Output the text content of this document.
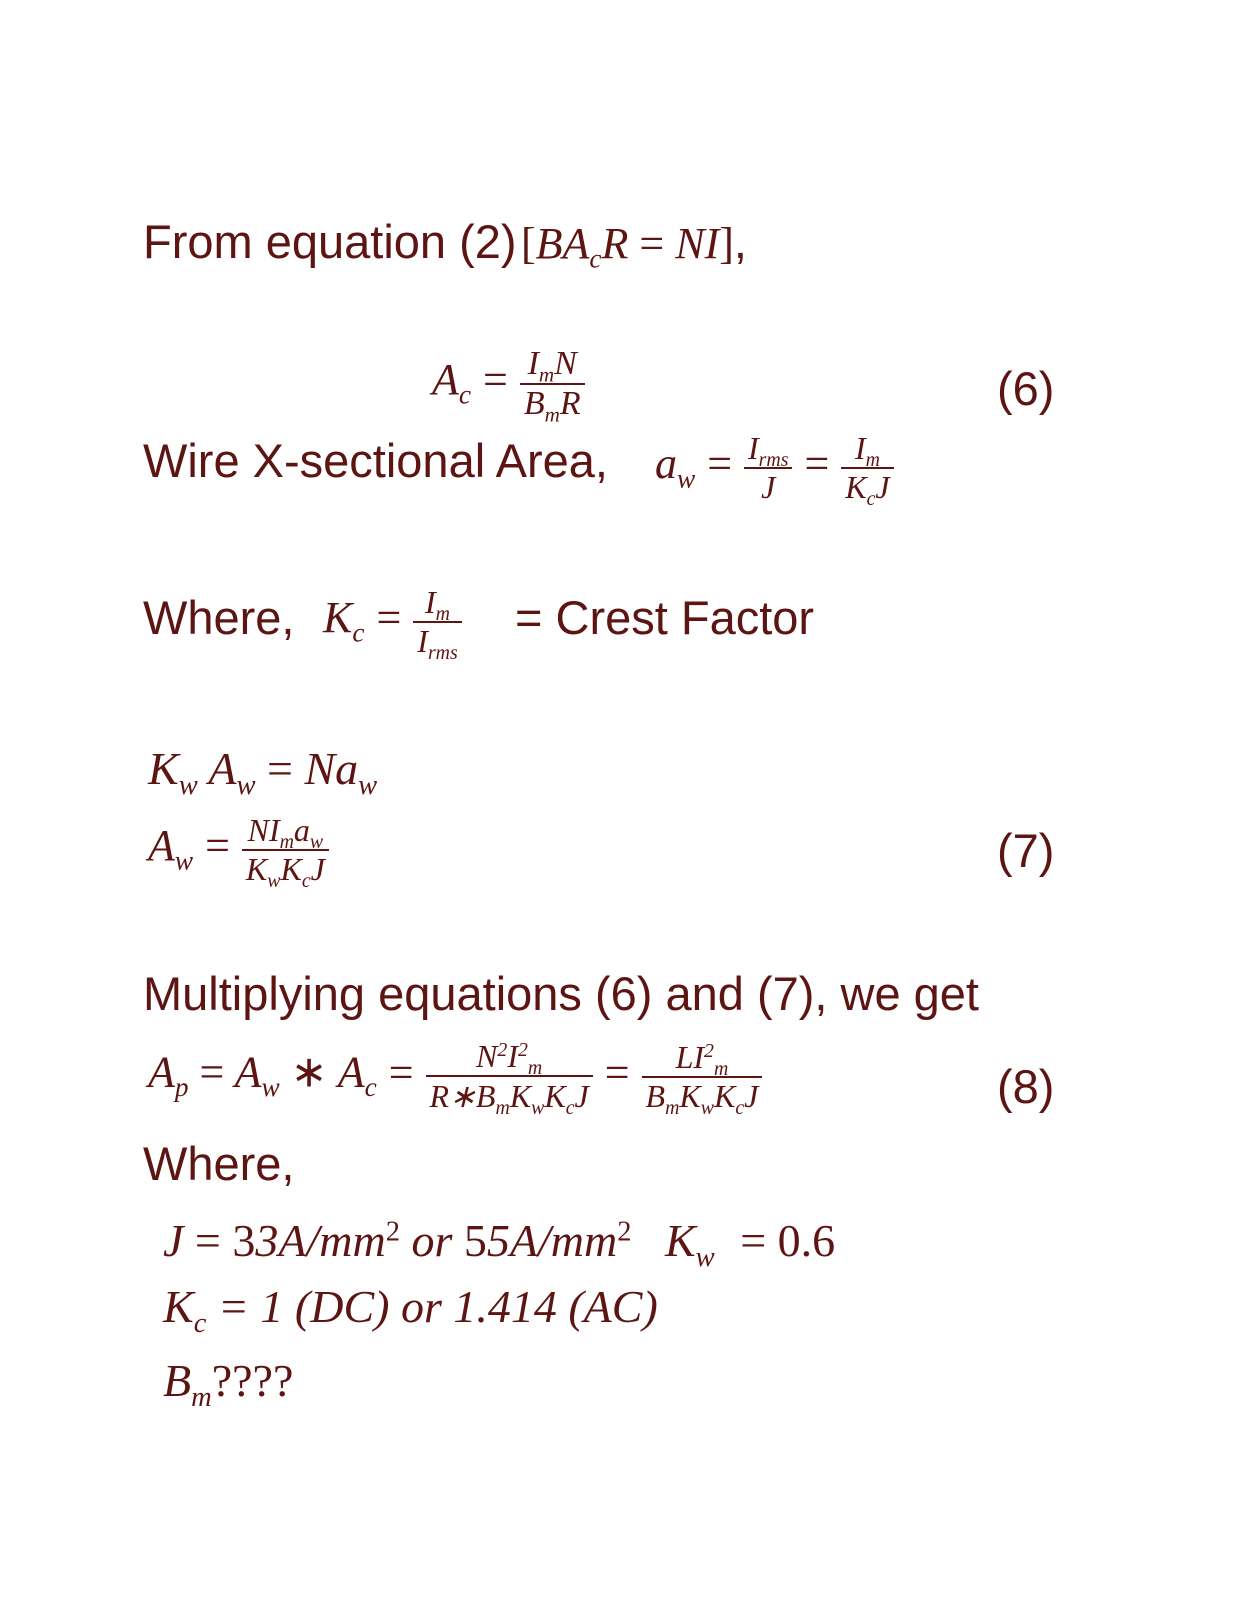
From equation (2) $[BA_cR = NI]$,
$A_c = \frac{I_mN}{B_mR}$	(6)
Wire X-sectional Area, $a_w = \frac{I_{rms}}{J} = \frac{I_m}{K_cJ}$
Where, $K_c = \frac{I_m}{I_{rms}}$ = Crest Factor
$K_w$ $A_w = Na_w$
$A_w = \frac{NI_ma_w}{K_wK_cJ}$	(7)
Multiplying equations (6) and (7), we get
$A_p = A_w$ ∗ $A_c = \frac{N^2I^2_m}{R∗B_mK_wK_cJ} = \frac{LI^2_m}{B_mK_wK_cJ}$	(8)
Where,
$J = 33A/mm^2$ or $55A/mm^2$ $K_w = 0.6$
$K_c = 1$ (DC) or 1.414 (AC)
$B_m$????
